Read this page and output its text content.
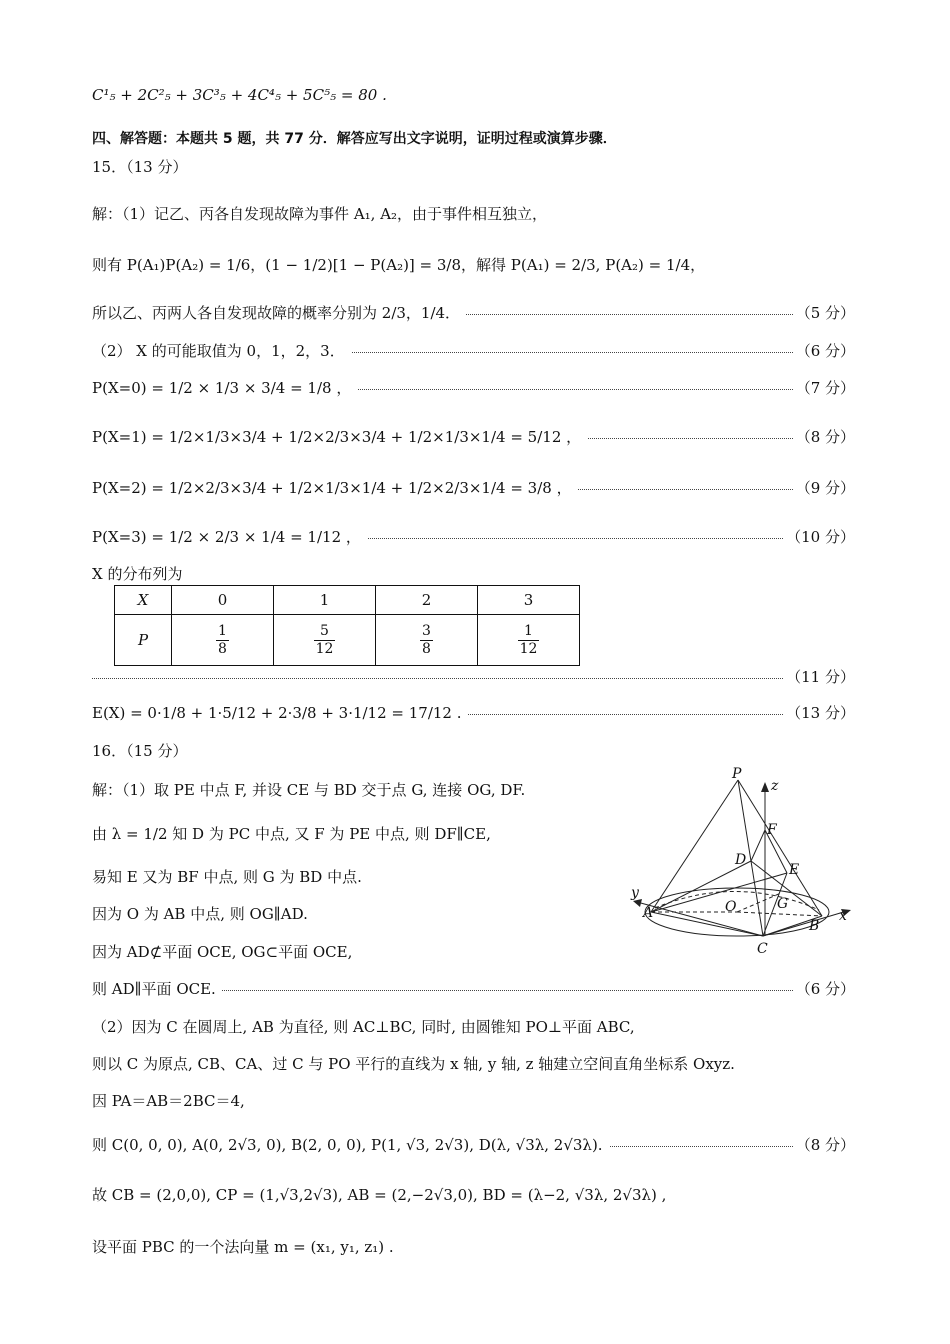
C¹₅ + 2C²₅ + 3C³₅ + 4C⁴₅ + 5C⁵₅ = 80 .
四、解答题：本题共 5 题，共 77 分．解答应写出文字说明，证明过程或演算步骤．
15．（13 分）
解：（1）记乙、丙各自发现故障为事件 A₁, A₂，由于事件相互独立，
则有 P(A₁)P(A₂) = 1/6，(1 − 1/2)[1 − P(A₂)] = 3/8，解得 P(A₁) = 2/3, P(A₂) = 1/4，
所以乙、丙两人各自发现故障的概率分别为 2/3，1/4．	（5 分）
（2） X 的可能取值为 0，1，2，3．	（6 分）
P(X=0) = 1/2 × 1/3 × 3/4 = 1/8 ，	（7 分）
P(X=1) = 1/2×1/3×3/4 + 1/2×2/3×3/4 + 1/2×1/3×1/4 = 5/12 ，	（8 分）
P(X=2) = 1/2×2/3×3/4 + 1/2×1/3×1/4 + 1/2×2/3×1/4 = 3/8 ，	（9 分）
P(X=3) = 1/2 × 2/3 × 1/4 = 1/12 ，	（10 分）
X 的分布列为
X	0	1	2	3
P	$\frac{1}{8}$	$\frac{5}{12}$	$\frac{3}{8}$	$\frac{1}{12}$
（11 分）
E(X) = 0·1/8 + 1·5/12 + 2·3/8 + 3·1/12 = 17/12 .	（13 分）
16．（15 分）
解：（1）取 PE 中点 F, 并设 CE 与 BD 交于点 G, 连接 OG, DF.
由 λ = 1/2 知 D 为 PC 中点, 又 F 为 PE 中点, 则 DF∥CE,
易知 E 又为 BF 中点, 则 G 为 BD 中点.
因为 O 为 AB 中点, 则 OG∥AD.
因为 AD⊄平面 OCE, OG⊂平面 OCE,
则 AD∥平面 OCE.	（6 分）
（2）因为 C 在圆周上, AB 为直径, 则 AC⊥BC, 同时, 由圆锥知 PO⊥平面 ABC,
则以 C 为原点, CB、CA、过 C 与 PO 平行的直线为 x 轴, y 轴, z 轴建立空间直角坐标系 Oxyz.
因 PA＝AB＝2BC＝4,
则 C(0, 0, 0), A(0, 2√3, 0), B(2, 0, 0), P(1, √3, 2√3), D(λ, √3λ, 2√3λ).	（8 分）
故 CB = (2,0,0), CP = (1,√3,2√3), AB = (2,−2√3,0), BD = (λ−2, √3λ, 2√3λ) ,
设平面 PBC 的一个法向量 m = (x₁, y₁, z₁) .
P
z
F
D
E
y
A	O	G
B
x
C
